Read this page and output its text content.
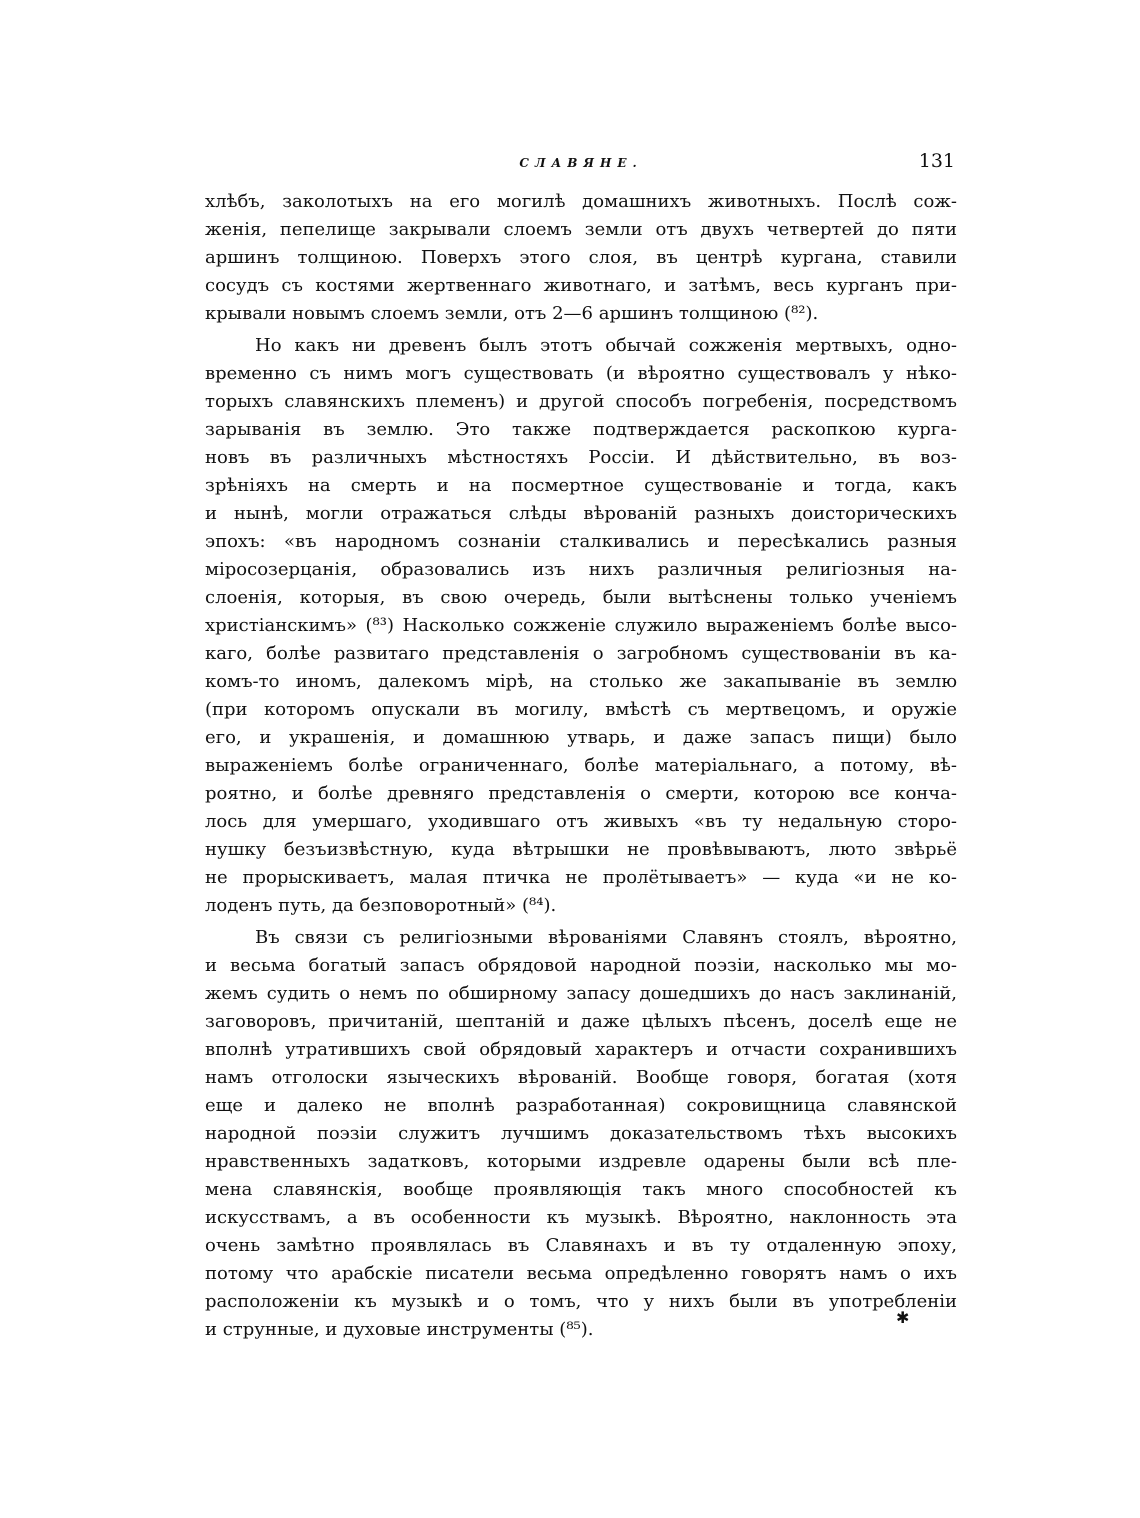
СЛАВЯНЕ.	131
хлѣбъ, заколотыхъ на его могилѣ домашнихъ животныхъ. Послѣ сож-
женія, пепелище закрывали слоемъ земли отъ двухъ четвертей до пяти
аршинъ толщиною. Поверхъ этого слоя, въ центрѣ кургана, ставили
сосудъ съ костями жертвеннаго животнаго, и затѣмъ, весь курганъ при-
крывали новымъ слоемъ земли, отъ 2—6 аршинъ толщиною (⁸²).
Но какъ ни древенъ былъ этотъ обычай сожженія мертвыхъ, одно-
временно съ нимъ могъ существовать (и вѣроятно существовалъ у нѣко-
торыхъ славянскихъ племенъ) и другой способъ погребенія, посредствомъ
зарыванія въ землю. Это также подтверждается раскопкою курга-
новъ въ различныхъ мѣстностяхъ Россіи. И дѣйствительно, въ воз-
зрѣніяхъ на смерть и на посмертное существованіе и тогда, какъ
и нынѣ, могли отражаться слѣды вѣрованій разныхъ доисторическихъ
эпохъ: «въ народномъ сознаніи сталкивались и пересѣкались разныя
міросозерцанія, образовались изъ нихъ различныя религіозныя на-
слоенія, которыя, въ свою очередь, были вытѣснены только ученіемъ
христіанскимъ» (⁸³) Насколько сожженіе служило выраженіемъ болѣе высо-
каго, болѣе развитаго представленія о загробномъ существованіи въ ка-
комъ-то иномъ, далекомъ мірѣ, на столько же закапываніе въ землю
(при которомъ опускали въ могилу, вмѣстѣ съ мертвецомъ, и оружіе
его, и украшенія, и домашнюю утварь, и даже запасъ пищи) было
выраженіемъ болѣе ограниченнаго, болѣе матеріальнаго, а потому, вѣ-
роятно, и болѣе древняго представленія о смерти, которою все конча-
лось для умершаго, уходившаго отъ живыхъ «въ ту недальную сторо-
нушку безъизвѣстную, куда вѣтрышки не провѣвываютъ, люто звѣрьё
не прорыскиваетъ, малая птичка не пролётываетъ» — куда «и не ко-
лоденъ путь, да безповоротный» (⁸⁴).
Въ связи съ религіозными вѣрованіями Славянъ стоялъ, вѣроятно,
и весьма богатый запасъ обрядовой народной поэзіи, насколько мы мо-
жемъ судить о немъ по обширному запасу дошедшихъ до насъ заклинаній,
заговоровъ, причитаній, шептаній и даже цѣлыхъ пѣсенъ, доселѣ еще не
вполнѣ утратившихъ свой обрядовый характеръ и отчасти сохранившихъ
намъ отголоски языческихъ вѣрованій. Вообще говоря, богатая (хотя
еще и далеко не вполнѣ разработанная) сокровищница славянской
народной поэзіи служитъ лучшимъ доказательствомъ тѣхъ высокихъ
нравственныхъ задатковъ, которыми издревле одарены были всѣ пле-
мена славянскія, вообще проявляющія такъ много способностей къ
искусствамъ, а въ особенности къ музыкѣ. Вѣроятно, наклонность эта
очень замѣтно проявлялась въ Славянахъ и въ ту отдаленную эпоху,
потому что арабскіе писатели весьма опредѣленно говорятъ намъ о ихъ
расположеніи къ музыкѣ и о томъ, что у нихъ были въ употребленіи
и струнные, и духовые инструменты (⁸⁵).
✱
